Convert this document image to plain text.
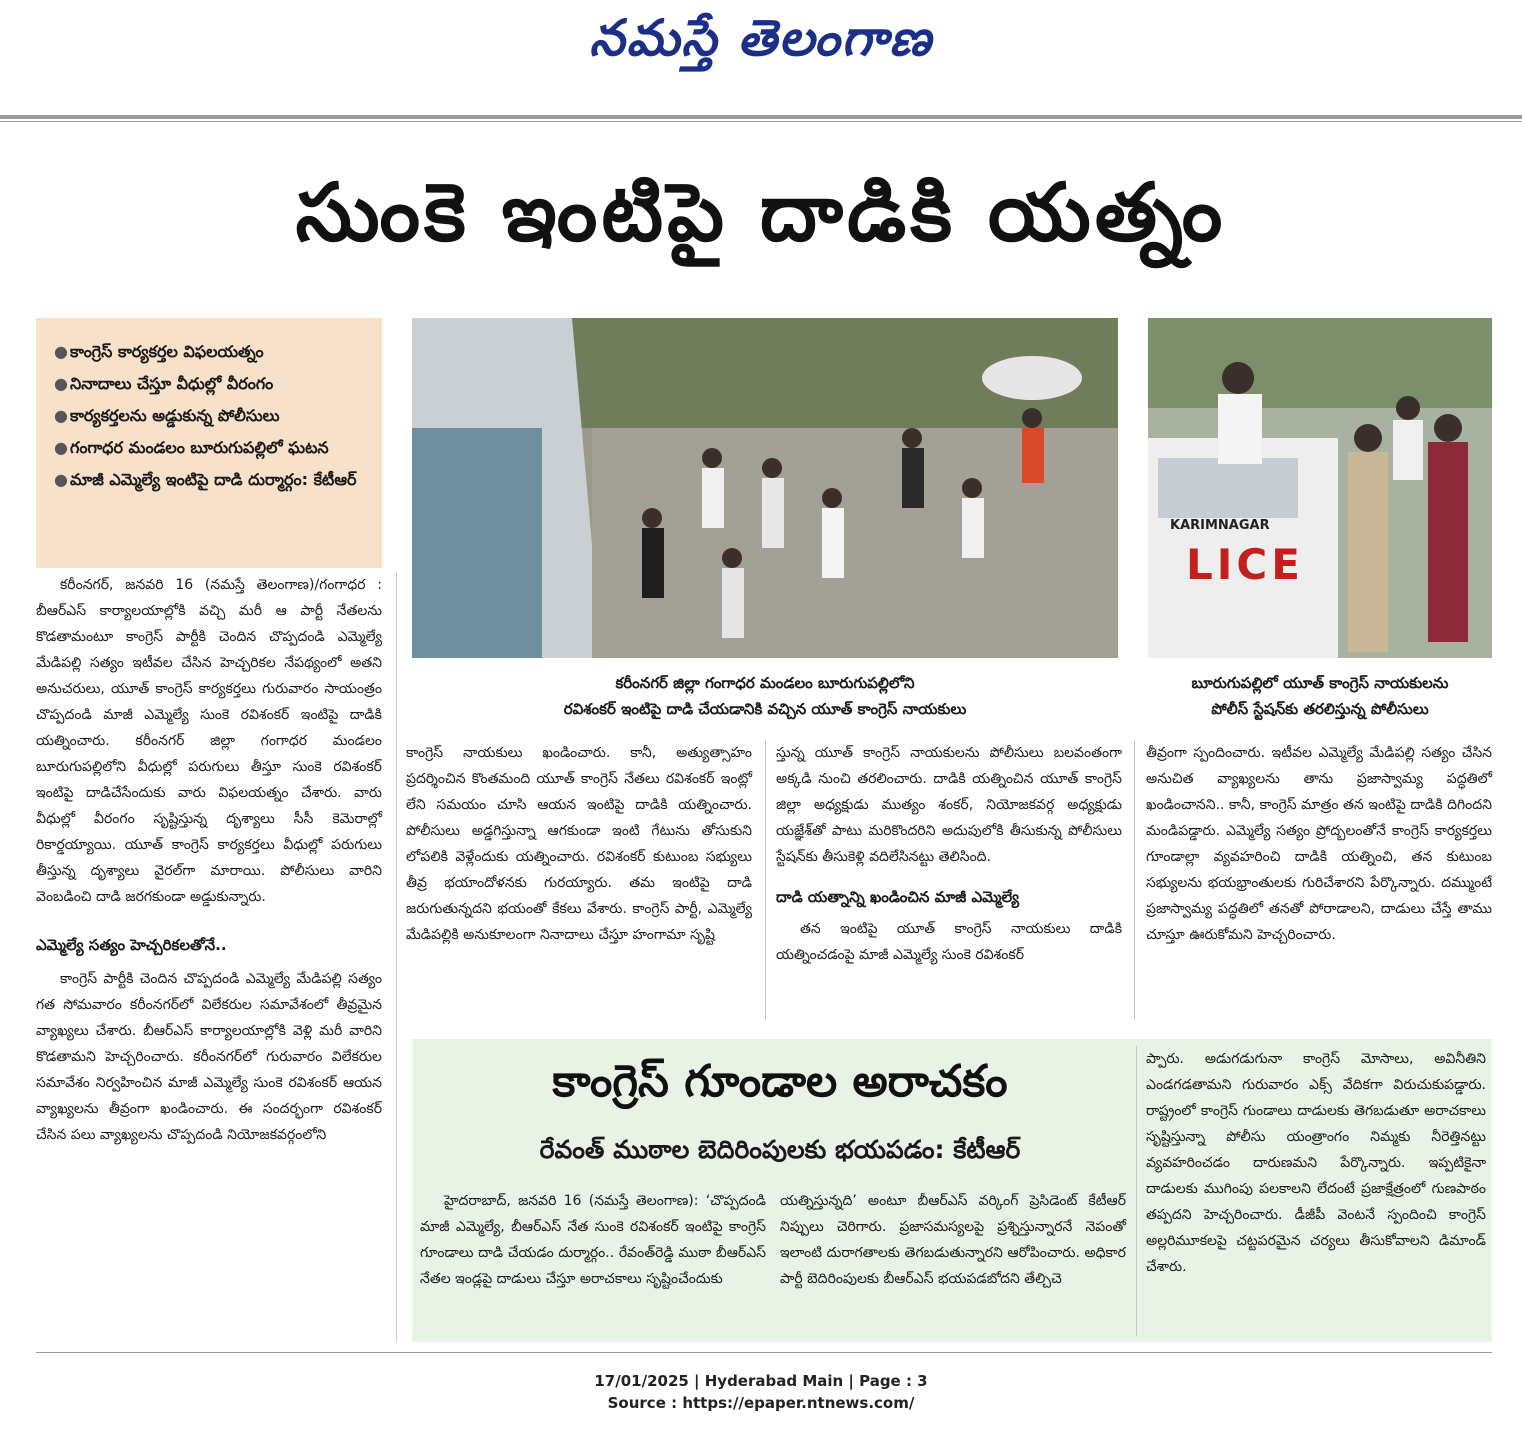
నమస్తే తెలంగాణ
సుంకె ఇంటిపై దాడికి యత్నం
● కాంగ్రెస్ కార్యకర్తల విఫలయత్నం
● నినాదాలు చేస్తూ వీధుల్లో వీరంగం
● కార్యకర్తలను అడ్డుకున్న పోలీసులు
● గంగాధర మండలం బూరుగుపల్లిలో ఘటన
● మాజీ ఎమ్మెల్యే ఇంటిపై దాడి దుర్మార్గం: కేటీఆర్
కరీంనగర్ జిల్లా గంగాధర మండలం బూరుగుపల్లిలోని
రవిశంకర్ ఇంటిపై దాడి చేయడానికి వచ్చిన యూత్ కాంగ్రెస్ నాయకులు
KARIMNAGAR
LICE
బూరుగుపల్లిలో యూత్ కాంగ్రెస్ నాయకులను
పోలీస్ స్టేషన్‌కు తరలిస్తున్న పోలీసులు

కరీంనగర్, జనవరి 16 (నమస్తే తెలంగాణ)/గంగాధర : బీఆర్ఎస్ కార్యాలయాల్లోకి వచ్చి మరీ ఆ పార్టీ నేతలను కొడతామంటూ కాంగ్రెస్ పార్టీకి చెందిన చొప్పదండి ఎమ్మెల్యే మేడిపల్లి సత్యం ఇటీవల చేసిన హెచ్చరికల నేపథ్యంలో అతని అనుచరులు, యూత్ కాంగ్రెస్ కార్యకర్తలు గురువారం సాయంత్రం చొప్పదండి మాజీ ఎమ్మెల్యే సుంకె రవిశంకర్ ఇంటిపై దాడికి యత్నించారు. కరీంనగర్ జిల్లా గంగాధర మండలం బూరుగుపల్లిలోని వీధుల్లో పరుగులు తీస్తూ సుంకె రవిశంకర్ ఇంటిపై దాడిచేసేందుకు వారు విఫలయత్నం చేశారు. వారు వీధుల్లో వీరంగం సృష్టిస్తున్న దృశ్యాలు సీసీ కెమెరాల్లో రికార్డయ్యాయి. యూత్ కాంగ్రెస్ కార్యకర్తలు వీధుల్లో పరుగులు తీస్తున్న దృశ్యాలు వైరల్‌గా మారాయి. పోలీసులు వారిని వెంబడించి దాడి జరగకుండా అడ్డుకున్నారు.

ఎమ్మెల్యే సత్యం హెచ్చరికలతోనే..

కాంగ్రెస్ పార్టీకి చెందిన చొప్పదండి ఎమ్మెల్యే మేడిపల్లి సత్యం గత సోమవారం కరీంనగర్‌లో విలేకరుల సమావేశంలో తీవ్రమైన వ్యాఖ్యలు చేశారు. బీఆర్ఎస్ కార్యాలయాల్లోకి వెళ్లి మరీ వారిని కొడతామని హెచ్చరించారు. కరీంనగర్‌లో గురువారం విలేకరుల సమావేశం నిర్వహించిన మాజీ ఎమ్మెల్యే సుంకె రవిశంకర్ ఆయన వ్యాఖ్యలను తీవ్రంగా ఖండించారు. ఈ సందర్భంగా రవిశంకర్ చేసిన పలు వ్యాఖ్యలను చొప్పదండి నియోజకవర్గంలోని

కాంగ్రెస్ నాయకులు ఖండించారు. కానీ, అత్యుత్సాహం ప్రదర్శించిన కొంతమంది యూత్ కాంగ్రెస్ నేతలు రవిశంకర్ ఇంట్లో లేని సమయం చూసి ఆయన ఇంటిపై దాడికి యత్నించారు. పోలీసులు అడ్డగిస్తున్నా ఆగకుండా ఇంటి గేటును తోసుకుని లోపలికి వెళ్లేందుకు యత్నించారు. రవిశంకర్ కుటుంబ సభ్యులు తీవ్ర భయాందోళనకు గురయ్యారు. తమ ఇంటిపై దాడి జరుగుతున్నదని భయంతో కేకలు వేశారు. కాంగ్రెస్ పార్టీ, ఎమ్మెల్యే మేడిపల్లికి అనుకూలంగా నినాదాలు చేస్తూ హంగామా సృష్టి

స్తున్న యూత్ కాంగ్రెస్ నాయకులను పోలీసులు బలవంతంగా అక్కడి నుంచి తరలించారు. దాడికి యత్నించిన యూత్ కాంగ్రెస్ జిల్లా అధ్యక్షుడు ముత్యం శంకర్, నియోజకవర్గ అధ్యక్షుడు యజ్ఞేశ్‌తో పాటు మరికొందరిని అదుపులోకి తీసుకున్న పోలీసులు స్టేషన్‌కు తీసుకెళ్లి వదిలేసినట్టు తెలిసింది.

దాడి యత్నాన్ని ఖండించిన మాజీ ఎమ్మెల్యే

తన ఇంటిపై యూత్ కాంగ్రెస్ నాయకులు దాడికి యత్నించడంపై మాజీ ఎమ్మెల్యే సుంకె రవిశంకర్

తీవ్రంగా స్పందించారు. ఇటీవల ఎమ్మెల్యే మేడిపల్లి సత్యం చేసిన అనుచిత వ్యాఖ్యలను తాను ప్రజాస్వామ్య పద్ధతిలో ఖండించానని.. కానీ, కాంగ్రెస్ మాత్రం తన ఇంటిపై దాడికి దిగిందని మండిపడ్డారు. ఎమ్మెల్యే సత్యం ప్రోద్బలంతోనే కాంగ్రెస్ కార్యకర్తలు గూండాల్లా వ్యవహరించి దాడికి యత్నించి, తన కుటుంబ సభ్యులను భయభ్రాంతులకు గురిచేశారని పేర్కొన్నారు. దమ్ముంటే ప్రజాస్వామ్య పద్ధతిలో తనతో పోరాడాలని, దాడులు చేస్తే తాము చూస్తూ ఊరుకోమని హెచ్చరించారు.

కాంగ్రెస్ గూండాల అరాచకం
రేవంత్ ముఠాల బెదిరింపులకు భయపడం: కేటీఆర్

హైదరాబాద్, జనవరి 16 (నమస్తే తెలంగాణ): ‘చొప్పదండి మాజీ ఎమ్మెల్యే, బీఆర్ఎస్ నేత సుంకె రవిశంకర్ ఇంటిపై కాంగ్రెస్ గూండాలు దాడి చేయడం దుర్మార్గం.. రేవంత్‌రెడ్డి ముఠా బీఆర్ఎస్ నేతల ఇండ్లపై దాడులు చేస్తూ అరాచకాలు సృష్టించేందుకు

యత్నిస్తున్నది’ అంటూ బీఆర్ఎస్ వర్కింగ్ ప్రెసిడెంట్ కేటీఆర్ నిప్పులు చెరిగారు. ప్రజాసమస్యలపై ప్రశ్నిస్తున్నారనే నెపంతో ఇలాంటి దురాగతాలకు తెగబడుతున్నారని ఆరోపించారు. అధికార పార్టీ బెదిరింపులకు బీఆర్ఎస్ భయపడబోదని తేల్చిచె

ప్పారు. అడుగడుగునా కాంగ్రెస్ మోసాలు, అవినీతిని ఎండగడతామని గురువారం ఎక్స్ వేదికగా విరుచుకుపడ్డారు. రాష్ట్రంలో కాంగ్రెస్ గుండాలు దాడులకు తెగబడుతూ అరాచకాలు సృష్టిస్తున్నా పోలీసు యంత్రాంగం నిమ్మకు నీరెత్తినట్టు వ్యవహరించడం దారుణమని పేర్కొన్నారు. ఇప్పటికైనా దాడులకు ముగింపు పలకాలని లేదంటే ప్రజాక్షేత్రంలో గుణపాఠం తప్పదని హెచ్చరించారు. డీజీపీ వెంటనే స్పందించి కాంగ్రెస్ అల్లరిమూకలపై చట్టపరమైన చర్యలు తీసుకోవాలని డిమాండ్ చేశారు.

17/01/2025 | Hyderabad Main | Page : 3
Source : https://epaper.ntnews.com/
